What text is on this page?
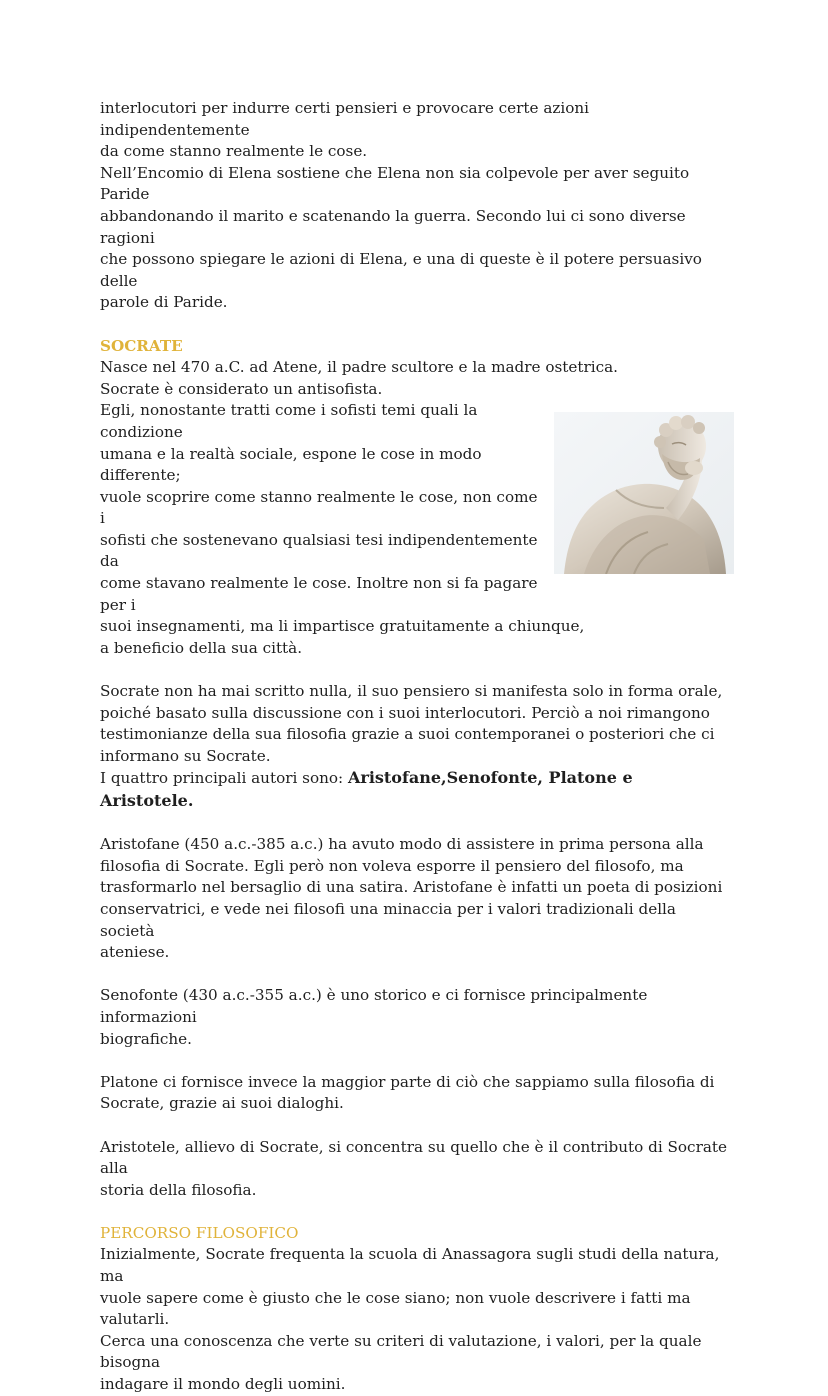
interlocutori per indurre certi pensieri e provocare certe azioni indipendentemente
da come stanno realmente le cose.
Nell’Encomio di Elena sostiene che Elena non sia colpevole per aver seguito Paride
abbandonando il marito e scatenando la guerra. Secondo lui ci sono diverse ragioni
che possono spiegare le azioni di Elena, e una di queste è il potere persuasivo delle
parole di Paride.

SOCRATE

Nasce nel 470 a.C. ad Atene, il padre scultore e la madre ostetrica.
Socrate è considerato un antisofista.

Egli, nonostante tratti come i sofisti temi quali la condizione
umana e la realtà sociale, espone le cose in modo differente;
vuole scoprire come stanno realmente le cose, non come i
sofisti che sostenevano qualsiasi tesi indipendentemente da
come stavano realmente le cose. Inoltre non si fa pagare per i
suoi insegnamenti, ma li impartisce gratuitamente a chiunque,
a beneficio della sua città.

Socrate non ha mai scritto nulla, il suo pensiero si manifesta solo in forma orale,
poiché basato sulla discussione con i suoi interlocutori. Perciò a noi rimangono
testimonianze della sua filosofia grazie a suoi contemporanei o posteriori che ci
informano su Socrate.
I quattro principali autori sono: Aristofane,Senofonte, Platone e Aristotele.

Aristofane (450 a.c.-385 a.c.) ha avuto modo di assistere in prima persona alla
filosofia di Socrate. Egli però non voleva esporre il pensiero del filosofo, ma
trasformarlo nel bersaglio di una satira. Aristofane è infatti un poeta di posizioni
conservatrici, e vede nei filosofi una minaccia per i valori tradizionali della società
ateniese.

Senofonte (430 a.c.-355 a.c.) è uno storico e ci fornisce principalmente informazioni
biografiche.

Platone ci fornisce invece la maggior parte di ciò che sappiamo sulla filosofia di
Socrate, grazie ai suoi dialoghi.

Aristotele, allievo di Socrate, si concentra su quello che è il contributo di Socrate alla
storia della filosofia.

PERCORSO FILOSOFICO

Inizialmente, Socrate frequenta la scuola di Anassagora sugli studi della natura, ma
vuole sapere come è giusto che le cose siano; non vuole descrivere i fatti ma valutarli.
Cerca una conoscenza che verte su criteri di valutazione, i valori, per la quale bisogna
indagare il mondo degli uomini.
